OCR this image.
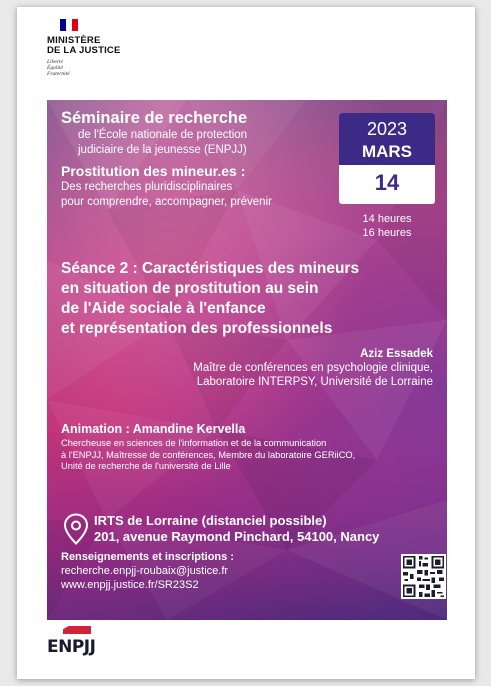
MINISTÈRE
DE LA JUSTICE
Liberté
Égalité
Fraternité
Séminaire de recherche
de l'École nationale de protection
judiciaire de la jeunesse (ENPJJ)
Prostitution des mineur.es :
Des recherches pluridisciplinaires
pour comprendre, accompagner, prévenir
2023
MARS
14
14 heures
16 heures
Séance 2 : Caractéristiques des mineurs
en situation de prostitution au sein
de l'Aide sociale à l'enfance
et représentation des professionnels
Aziz Essadek
Maître de conférences en psychologie clinique,
Laboratoire INTERPSY, Université de Lorraine
Animation : Amandine Kervella
Chercheuse en sciences de l'information et de la communication
à l'ENPJJ, Maîtresse de conférences, Membre du laboratoire GERiiCO,
Unité de recherche de l'université de Lille
IRTS de Lorraine (distanciel possible)
201, avenue Raymond Pinchard, 54100, Nancy
Renseignements et inscriptions :
recherche.enpjj-roubaix@justice.fr
www.enpjj.justice.fr/SR23S2
ENPJJ
